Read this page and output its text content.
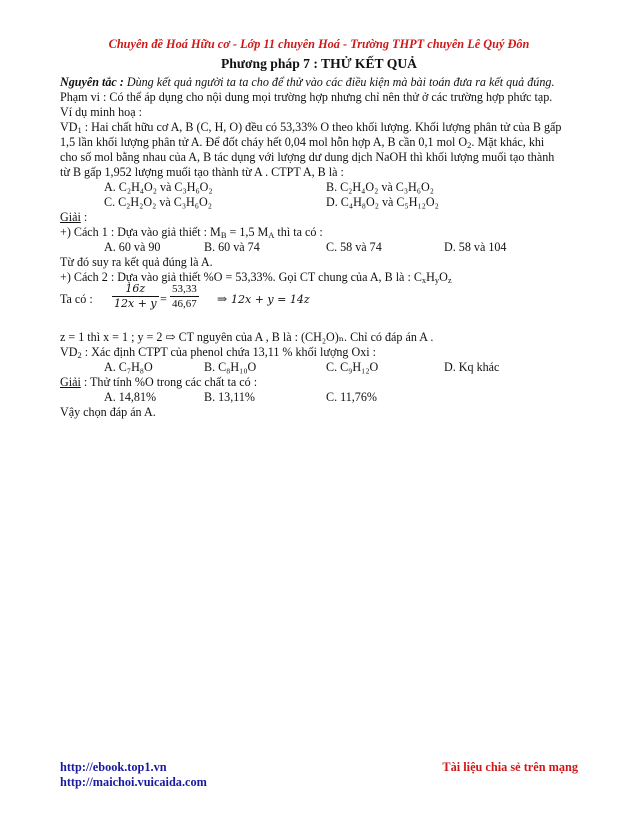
Chuyên đề Hoá Hữu cơ - Lớp 11 chuyên Hoá - Trường THPT chuyên Lê Quý Đôn
Phương pháp 7 : THỬ KẾT QUẢ
Nguyên tắc : Dùng kết quả người ta ta cho để thử vào các điều kiện mà bài toán đưa ra kết quả đúng.
Phạm vi : Có thể áp dụng cho nội dung mọi trường hợp nhưng chỉ nên thử ở các trường hợp phức tạp.
Ví dụ minh hoạ :
$VD_1$ : Hai chất hữu cơ A, B (C, H, O) đều có 53,33% O theo khối lượng. Khối lượng phân tử của B gấp
1,5 lần khối lượng phân tử A. Để đốt cháy hết 0,04 mol hỗn hợp A, B cần 0,1 mol $O_2$. Mặt khác, khi
cho số mol bằng nhau của A, B tác dụng với lượng dư dung dịch NaOH thì khối lượng muối tạo thành
từ B gấp 1,952 lượng muối tạo thành từ A . CTPT A, B là :
A. C₂H₄O₂ và C₃H₆O₂	B. C₂H₄O₂ và C₃H₆O₂
C. C₂H₂O₂ và C₃H₆O₂	D. C₄H₈O₂ và C₅H₁₂O₂
Giải :
+) Cách 1 : Dựa vào giả thiết : $M_B = 1,5$ $M_A$ thì ta có :
A. 60 và 90	B. 60 và 74	C. 58 và 74	D. 58 và 104
Từ đó suy ra kết quả đúng là A.
+) Cách 2 : Dựa vào giả thiết %O = 53,33%. Gọi CT chung của A, B là : $C_xH_yO_z$
Ta có : $\frac{16z}{12x + y} = \frac{53,33}{46,67}$ ⇒ 12x + y = 14z
z = 1 thì x = 1 ; y = 2 ⇨ CT nguyên của A , B là : (CH₂O)ₙ. Chỉ có đáp án A .
$VD_2$ : Xác định CTPT của phenol chứa 13,11 % khối lượng Oxi :
A. C₇H₈O	B. C₈H₁₀O	C. C₉H₁₂O	D. Kq khác
Giải : Thử tính %O trong các chất ta có :
A. 14,81%	B. 13,11%	C. 11,76%
Vậy chọn đáp án A.
http://ebook.top1.vn	Tài liệu chia sẻ trên mạng
http://maichoi.vuicaida.com
